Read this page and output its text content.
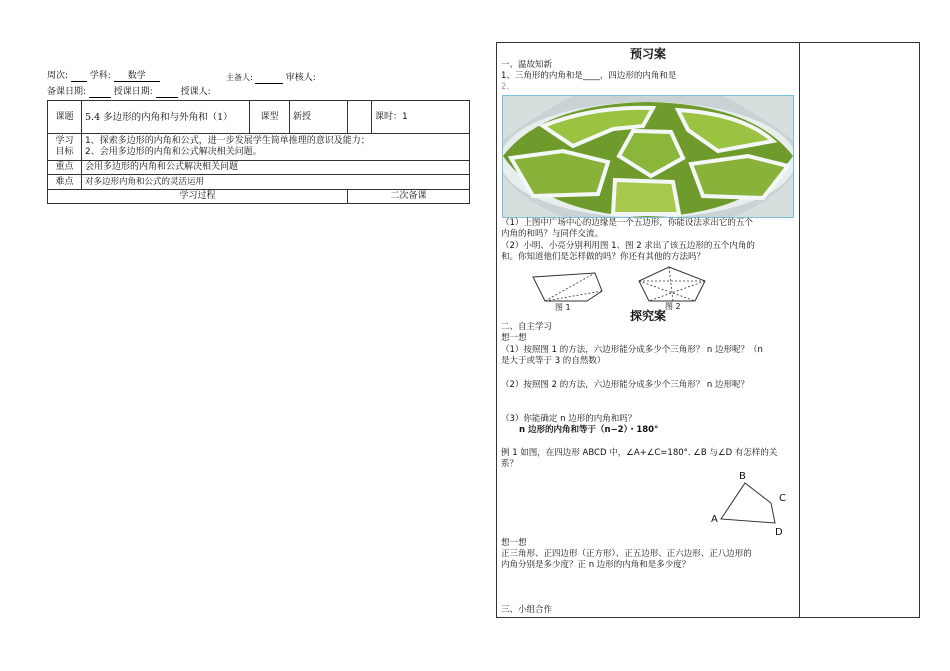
周次: 学科: 数学	主备人:	审核人:
备课日期:	授课日期:	授课人:
课题	5.4 多边形的内角和与外角和（1）	课型	新授		课时：1
学习
目标	1、探索多边形的内角和公式，进一步发展学生简单推理的意识及能力；
2、会用多边形的内角和公式解决相关问题。				
重点	会用多边形的内角和公式解决相关问题				
难点	对多边形内角和公式的灵活运用				
学习过程				二次备课	
预习案
一、温故知新
1、三角形的内角和是____，四边形的内角和是
2、
（1）上图中广场中心的边缘是一个五边形，你能设法求出它的五个
内角的和吗？与同伴交流。
（2）小明、小亮分别利用图 1、图 2 求出了该五边形的五个内角的
和。你知道他们是怎样做的吗？你还有其他的方法吗？
图 1	图 2
探究案
二、自主学习
想一想
（1）按照图 1 的方法，六边形能分成多少个三角形？ n 边形呢？（n
是大于或等于 3 的自然数）
（2）按照图 2 的方法，六边形能分成多少个三角形？ n 边形呢？
（3）你能确定 n 边形的内角和吗？
n 边形的内角和等于（n−2）・180°
例 1 如图，在四边形 ABCD 中，∠A+∠C=180°. ∠B 与∠D 有怎样的关
系？
A
B
C
D
想一想
正三角形、正四边形（正方形）、正五边形、正六边形、正八边形的
内角分别是多少度？正 n 边形的内角和是多少度？
三、小组合作
